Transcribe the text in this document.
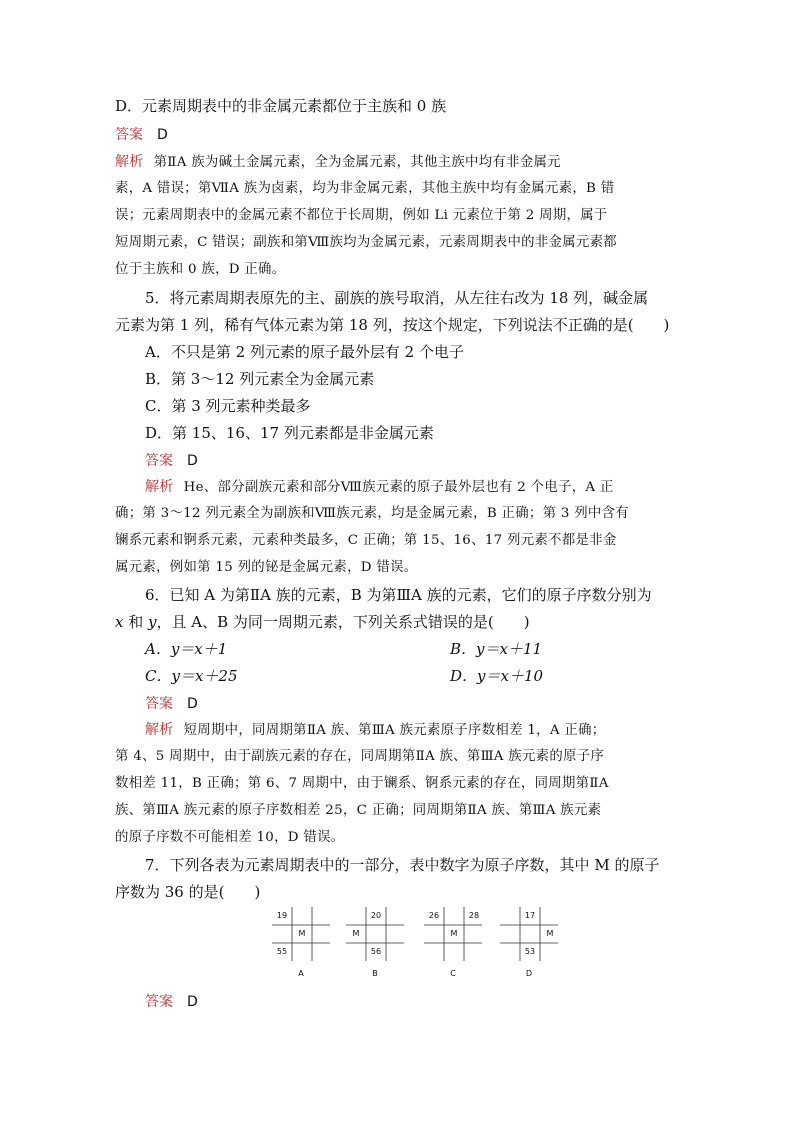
D．元素周期表中的非金属元素都位于主族和 0 族
答案 D
解析 第ⅡA 族为碱土金属元素，全为金属元素，其他主族中均有非金属元
素，A 错误；第ⅦA 族为卤素，均为非金属元素，其他主族中均有金属元素，B 错
误；元素周期表中的金属元素不都位于长周期，例如 Li 元素位于第 2 周期，属于
短周期元素，C 错误；副族和第Ⅷ族均为金属元素，元素周期表中的非金属元素都
位于主族和 0 族，D 正确。
5．将元素周期表原先的主、副族的族号取消，从左往右改为 18 列，碱金属
元素为第 1 列，稀有气体元素为第 18 列，按这个规定，下列说法不正确的是(　　)
A．不只是第 2 列元素的原子最外层有 2 个电子
B．第 3～12 列元素全为金属元素
C．第 3 列元素种类最多
D．第 15、16、17 列元素都是非金属元素
答案 D
解析 He、部分副族元素和部分Ⅷ族元素的原子最外层也有 2 个电子，A 正
确；第 3～12 列元素全为副族和Ⅷ族元素，均是金属元素，B 正确；第 3 列中含有
镧系元素和锕系元素，元素种类最多，C 正确；第 15、16、17 列元素不都是非金
属元素，例如第 15 列的铋是金属元素，D 错误。
6．已知 A 为第ⅡA 族的元素，B 为第ⅢA 族的元素，它们的原子序数分别为
x 和 y，且 A、B 为同一周期元素，下列关系式错误的是(　　)
A．y＝x＋1	B．y＝x＋11
C．y＝x＋25	D．y＝x＋10
答案 D
解析 短周期中，同周期第ⅡA 族、第ⅢA 族元素原子序数相差 1，A 正确；
第 4、5 周期中，由于副族元素的存在，同周期第ⅡA 族、第ⅢA 族元素的原子序
数相差 11，B 正确；第 6、7 周期中，由于镧系、锕系元素的存在，同周期第ⅡA
族、第ⅢA 族元素的原子序数相差 25，C 正确；同周期第ⅡA 族、第ⅢA 族元素
的原子序数不可能相差 10，D 错误。
7．下列各表为元素周期表中的一部分，表中数字为原子序数，其中 M 的原子
序数为 36 的是(　　)
19
M
55
A
20
M
56
B
26	28
M
C
17
M
53
D
答案 D
